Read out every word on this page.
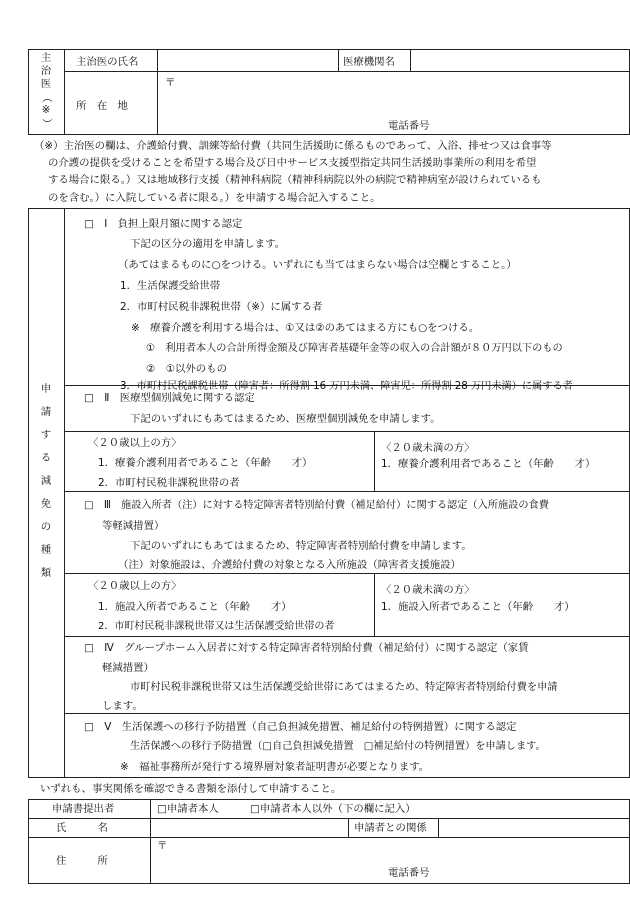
主
治
医
（
※
）
主治医の氏名	医療機関名
所　在　地
〒
電話番号
（※）主治医の欄は、介護給付費、訓練等給付費（共同生活援助に係るものであって、入浴、排せつ又は食事等
の介護の提供を受けることを希望する場合及び日中サービス支援型指定共同生活援助事業所の利用を希望
する場合に限る。）又は地域移行支援（精神科病院（精神科病院以外の病院で精神病室が設けられているも
のを含む。）に入院している者に限る。）を申請する場合記入すること。
申
請
す
る
減
免
の
種
類
□　Ⅰ　負担上限月額に関する認定
下記の区分の適用を申請します。
（あてはまるものに○をつける。いずれにも当てはまらない場合は空欄とすること。）
1．生活保護受給世帯
2．市町村民税非課税世帯（※）に属する者
※　療養介護を利用する場合は、①又は②のあてはまる方にも○をつける。
①　利用者本人の合計所得金額及び障害者基礎年金等の収入の合計額が８０万円以下のもの
②　①以外のもの
3．市町村民税課税世帯（障害者：所得割 16 万円未満、障害児：所得割 28 万円未満）に属する者
□　Ⅱ　医療型個別減免に関する認定
下記のいずれにもあてはまるため、医療型個別減免を申請します。
〈２０歳以上の方〉
1．療養介護利用者であること（年齢　　才）
2．市町村民税非課税世帯の者
〈２０歳未満の方〉
1．療養介護利用者であること（年齢　　才）
□　Ⅲ　施設入所者（注）に対する特定障害者特別給付費（補足給付）に関する認定（入所施設の食費
等軽減措置）
下記のいずれにもあてはまるため、特定障害者特別給付費を申請します。
（注）対象施設は、介護給付費の対象となる入所施設（障害者支援施設）
〈２０歳以上の方〉
1．施設入所者であること（年齢　　才）
2．市町村民税非課税世帯又は生活保護受給世帯の者
〈２０歳未満の方〉
1．施設入所者であること（年齢　　才）
□　Ⅳ　グループホーム入居者に対する特定障害者特別給付費（補足給付）に関する認定（家賃
軽減措置）
市町村民税非課税世帯又は生活保護受給世帯にあてはまるため、特定障害者特別給付費を申請
します。
□　Ⅴ　生活保護への移行予防措置（自己負担減免措置、補足給付の特例措置）に関する認定
生活保護への移行予防措置（□自己負担減免措置　□補足給付の特例措置）を申請します。
※　福祉事務所が発行する境界層対象者証明書が必要となります。
いずれも、事実関係を確認できる書類を添付して申請すること。
申請書提出者	□申請者本人	□申請者本人以外（下の欄に記入）
氏　　　名	申請者との関係
住　　　所
〒
電話番号
